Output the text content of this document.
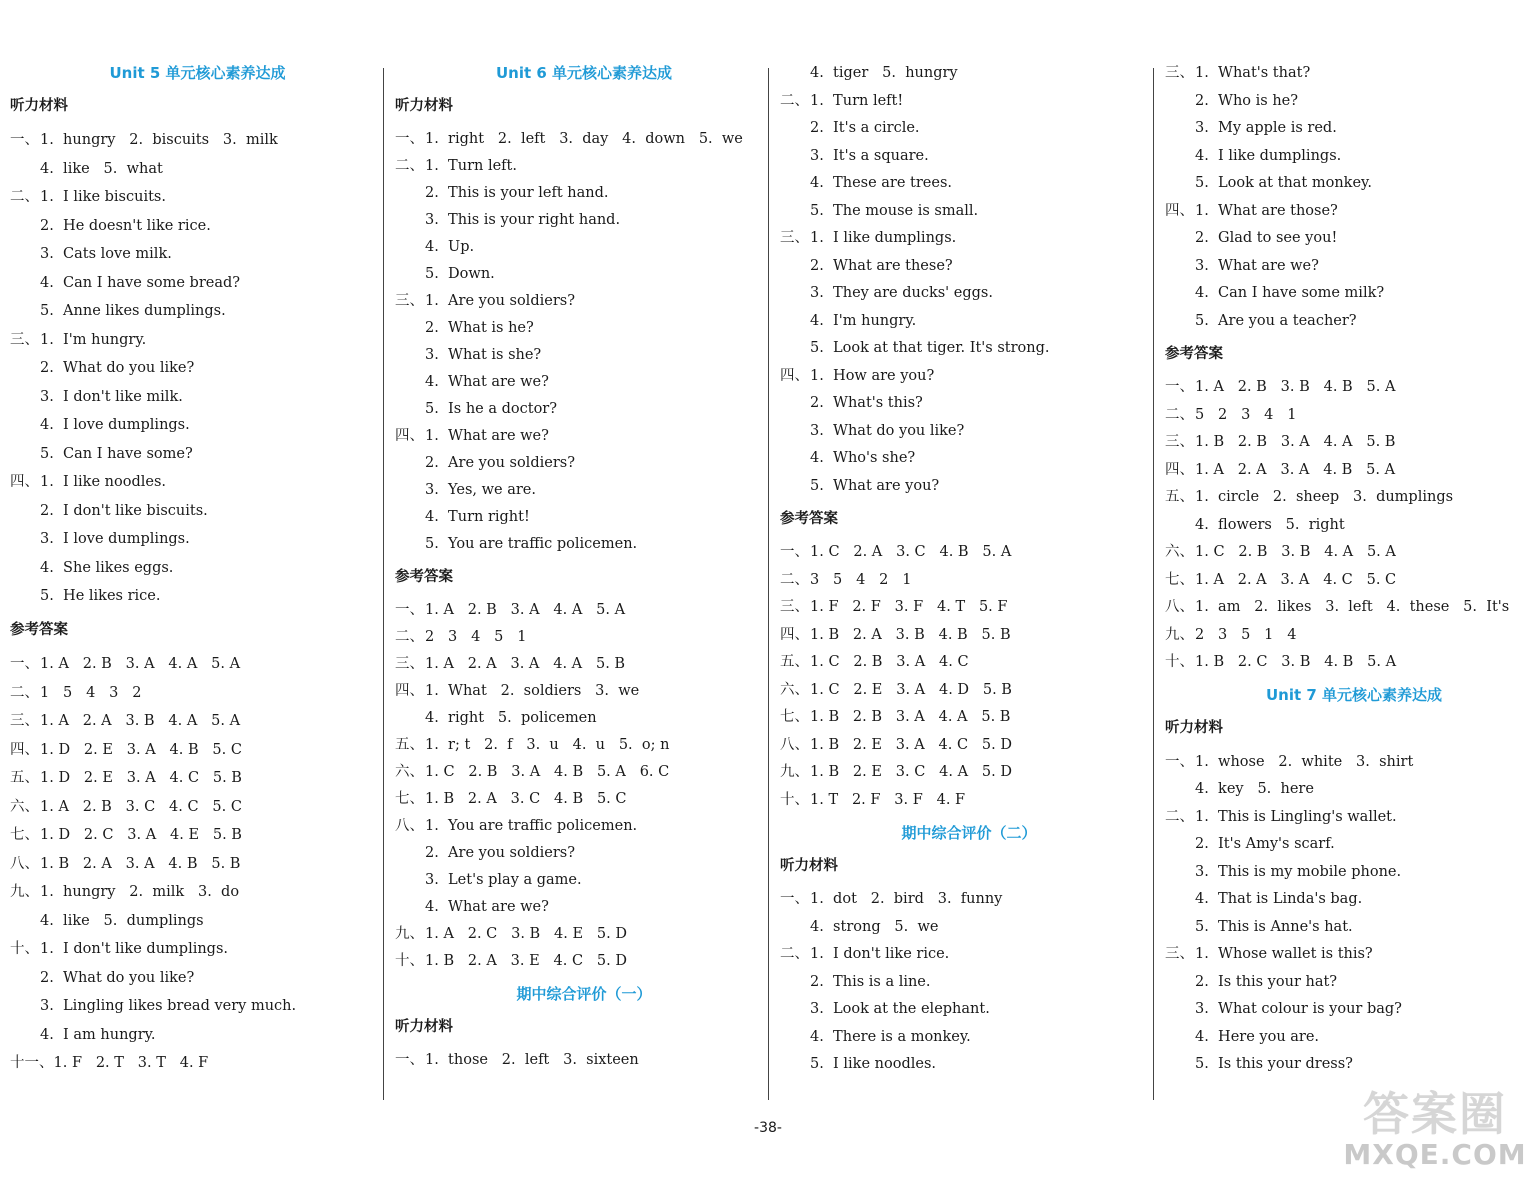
Unit 5 单元核心素养达成
听力材料
一、1.  hungry   2.  biscuits   3.  milk
4.  like   5.  what
二、1.  I like biscuits.
2.  He doesn't like rice.
3.  Cats love milk.
4.  Can I have some bread?
5.  Anne likes dumplings.
三、1.  I'm hungry.
2.  What do you like?
3.  I don't like milk.
4.  I love dumplings.
5.  Can I have some?
四、1.  I like noodles.
2.  I don't like biscuits.
3.  I love dumplings.
4.  She likes eggs.
5.  He likes rice.
参考答案
一、1. A   2. B   3. A   4. A   5. A
二、1   5   4   3   2
三、1. A   2. A   3. B   4. A   5. A
四、1. D   2. E   3. A   4. B   5. C
五、1. D   2. E   3. A   4. C   5. B
六、1. A   2. B   3. C   4. C   5. C
七、1. D   2. C   3. A   4. E   5. B
八、1. B   2. A   3. A   4. B   5. B
九、1.  hungry   2.  milk   3.  do
4.  like   5.  dumplings
十、1.  I don't like dumplings.
2.  What do you like?
3.  Lingling likes bread very much.
4.  I am hungry.
十一、1. F   2. T   3. T   4. F
Unit 6 单元核心素养达成
听力材料
一、1.  right   2.  left   3.  day   4.  down   5.  we
二、1.  Turn left.
2.  This is your left hand.
3.  This is your right hand.
4.  Up.
5.  Down.
三、1.  Are you soldiers?
2.  What is he?
3.  What is she?
4.  What are we?
5.  Is he a doctor?
四、1.  What are we?
2.  Are you soldiers?
3.  Yes, we are.
4.  Turn right!
5.  You are traffic policemen.
参考答案
一、1. A   2. B   3. A   4. A   5. A
二、2   3   4   5   1
三、1. A   2. A   3. A   4. A   5. B
四、1.  What   2.  soldiers   3.  we
4.  right   5.  policemen
五、1.  r; t   2.  f   3.  u   4.  u   5.  o; n
六、1. C   2. B   3. A   4. B   5. A   6. C
七、1. B   2. A   3. C   4. B   5. C
八、1.  You are traffic policemen.
2.  Are you soldiers?
3.  Let's play a game.
4.  What are we?
九、1. A   2. C   3. B   4. E   5. D
十、1. B   2. A   3. E   4. C   5. D
期中综合评价（一）
听力材料
一、1.  those   2.  left   3.  sixteen
4.  tiger   5.  hungry
二、1.  Turn left!
2.  It's a circle.
3.  It's a square.
4.  These are trees.
5.  The mouse is small.
三、1.  I like dumplings.
2.  What are these?
3.  They are ducks' eggs.
4.  I'm hungry.
5.  Look at that tiger. It's strong.
四、1.  How are you?
2.  What's this?
3.  What do you like?
4.  Who's she?
5.  What are you?
参考答案
一、1. C   2. A   3. C   4. B   5. A
二、3   5   4   2   1
三、1. F   2. F   3. F   4. T   5. F
四、1. B   2. A   3. B   4. B   5. B
五、1. C   2. B   3. A   4. C
六、1. C   2. E   3. A   4. D   5. B
七、1. B   2. B   3. A   4. A   5. B
八、1. B   2. E   3. A   4. C   5. D
九、1. B   2. E   3. C   4. A   5. D
十、1. T   2. F   3. F   4. F
期中综合评价（二）
听力材料
一、1.  dot   2.  bird   3.  funny
4.  strong   5.  we
二、1.  I don't like rice.
2.  This is a line.
3.  Look at the elephant.
4.  There is a monkey.
5.  I like noodles.
三、1.  What's that?
2.  Who is he?
3.  My apple is red.
4.  I like dumplings.
5.  Look at that monkey.
四、1.  What are those?
2.  Glad to see you!
3.  What are we?
4.  Can I have some milk?
5.  Are you a teacher?
参考答案
一、1. A   2. B   3. B   4. B   5. A
二、5   2   3   4   1
三、1. B   2. B   3. A   4. A   5. B
四、1. A   2. A   3. A   4. B   5. A
五、1.  circle   2.  sheep   3.  dumplings
4.  flowers   5.  right
六、1. C   2. B   3. B   4. A   5. A
七、1. A   2. A   3. A   4. C   5. C
八、1.  am   2.  likes   3.  left   4.  these   5.  It's
九、2   3   5   1   4
十、1. B   2. C   3. B   4. B   5. A
Unit 7 单元核心素养达成
听力材料
一、1.  whose   2.  white   3.  shirt
4.  key   5.  here
二、1.  This is Lingling's wallet.
2.  It's Amy's scarf.
3.  This is my mobile phone.
4.  That is Linda's bag.
5.  This is Anne's hat.
三、1.  Whose wallet is this?
2.  Is this your hat?
3.  What colour is your bag?
4.  Here you are.
5.  Is this your dress?
-38-	答案圈
MXQE.COM
